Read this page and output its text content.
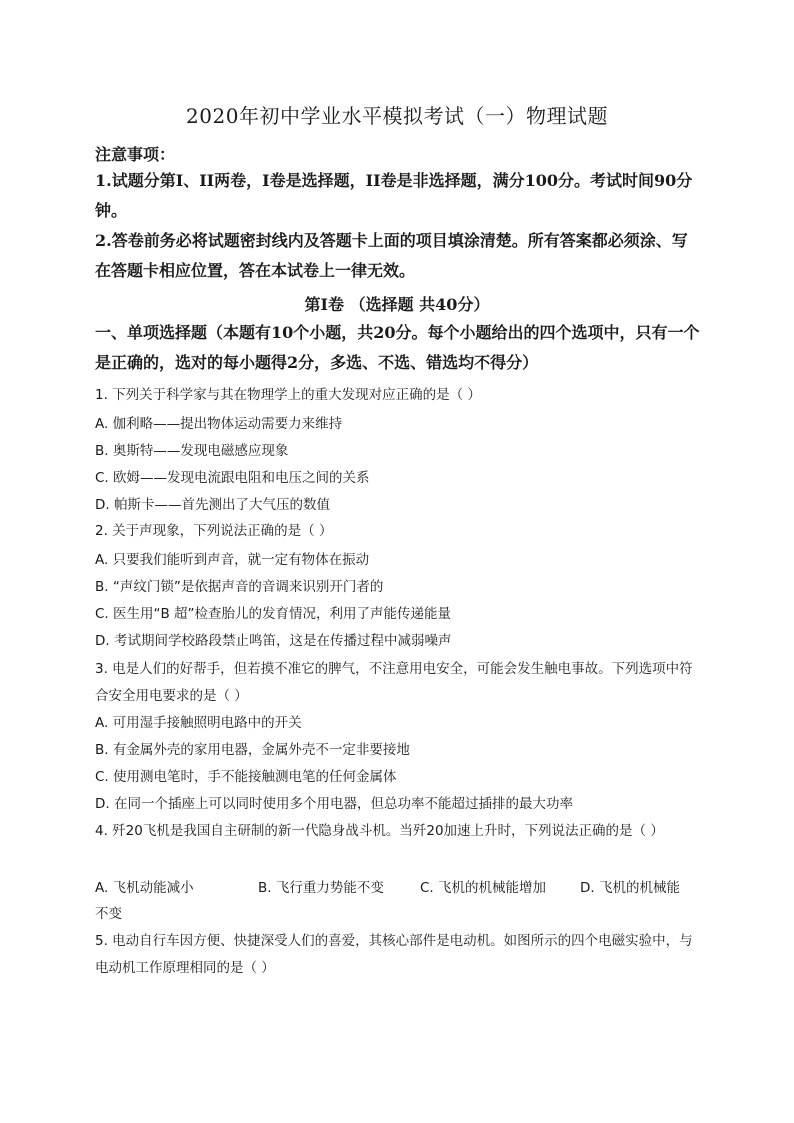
2020年初中学业水平模拟考试（一）物理试题
注意事项：
1.试题分第Ⅰ、II两卷，I卷是选择题，II卷是非选择题，满分100分。考试时间90分钟。
2.答卷前务必将试题密封线内及答题卡上面的项目填涂清楚。所有答案都必须涂、写在答题卡相应位置，答在本试卷上一律无效。
第Ⅰ卷 （选择题 共40分）
一、单项选择题（本题有10个小题，共20分。每个小题给出的四个选项中，只有一个是正确的，选对的每小题得2分，多选、不选、错选均不得分）
1. 下列关于科学家与其在物理学上的重大发现对应正确的是（ ）
A. 伽利略——提出物体运动需要力来维持
B. 奥斯特——发现电磁感应现象
C. 欧姆——发现电流跟电阻和电压之间的关系
D. 帕斯卡——首先测出了大气压的数值
2. 关于声现象，下列说法正确的是（ ）
A. 只要我们能听到声音，就一定有物体在振动
B. “声纹门锁”是依据声音的音调来识别开门者的
C. 医生用“B 超”检查胎儿的发育情况，利用了声能传递能量
D. 考试期间学校路段禁止鸣笛，这是在传播过程中减弱噪声
3. 电是人们的好帮手，但若摸不准它的脾气，不注意用电安全，可能会发生触电事故。下列选项中符合安全用电要求的是（ ）
A. 可用湿手接触照明电路中的开关
B. 有金属外壳的家用电器，金属外壳不一定非要接地
C. 使用测电笔时，手不能接触测电笔的任何金属体
D. 在同一个插座上可以同时使用多个用电器，但总功率不能超过插排的最大功率
4. 歼20飞机是我国自主研制的新一代隐身战斗机。当歼20加速上升时，下列说法正确的是（ ）
A. 飞机动能减小	B. 飞行重力势能不变	C. 飞机的机械能增加	D. 飞机的机械能
不变
5. 电动自行车因方便、快捷深受人们的喜爱，其核心部件是电动机。如图所示的四个电磁实验中，与电动机工作原理相同的是（ ）
